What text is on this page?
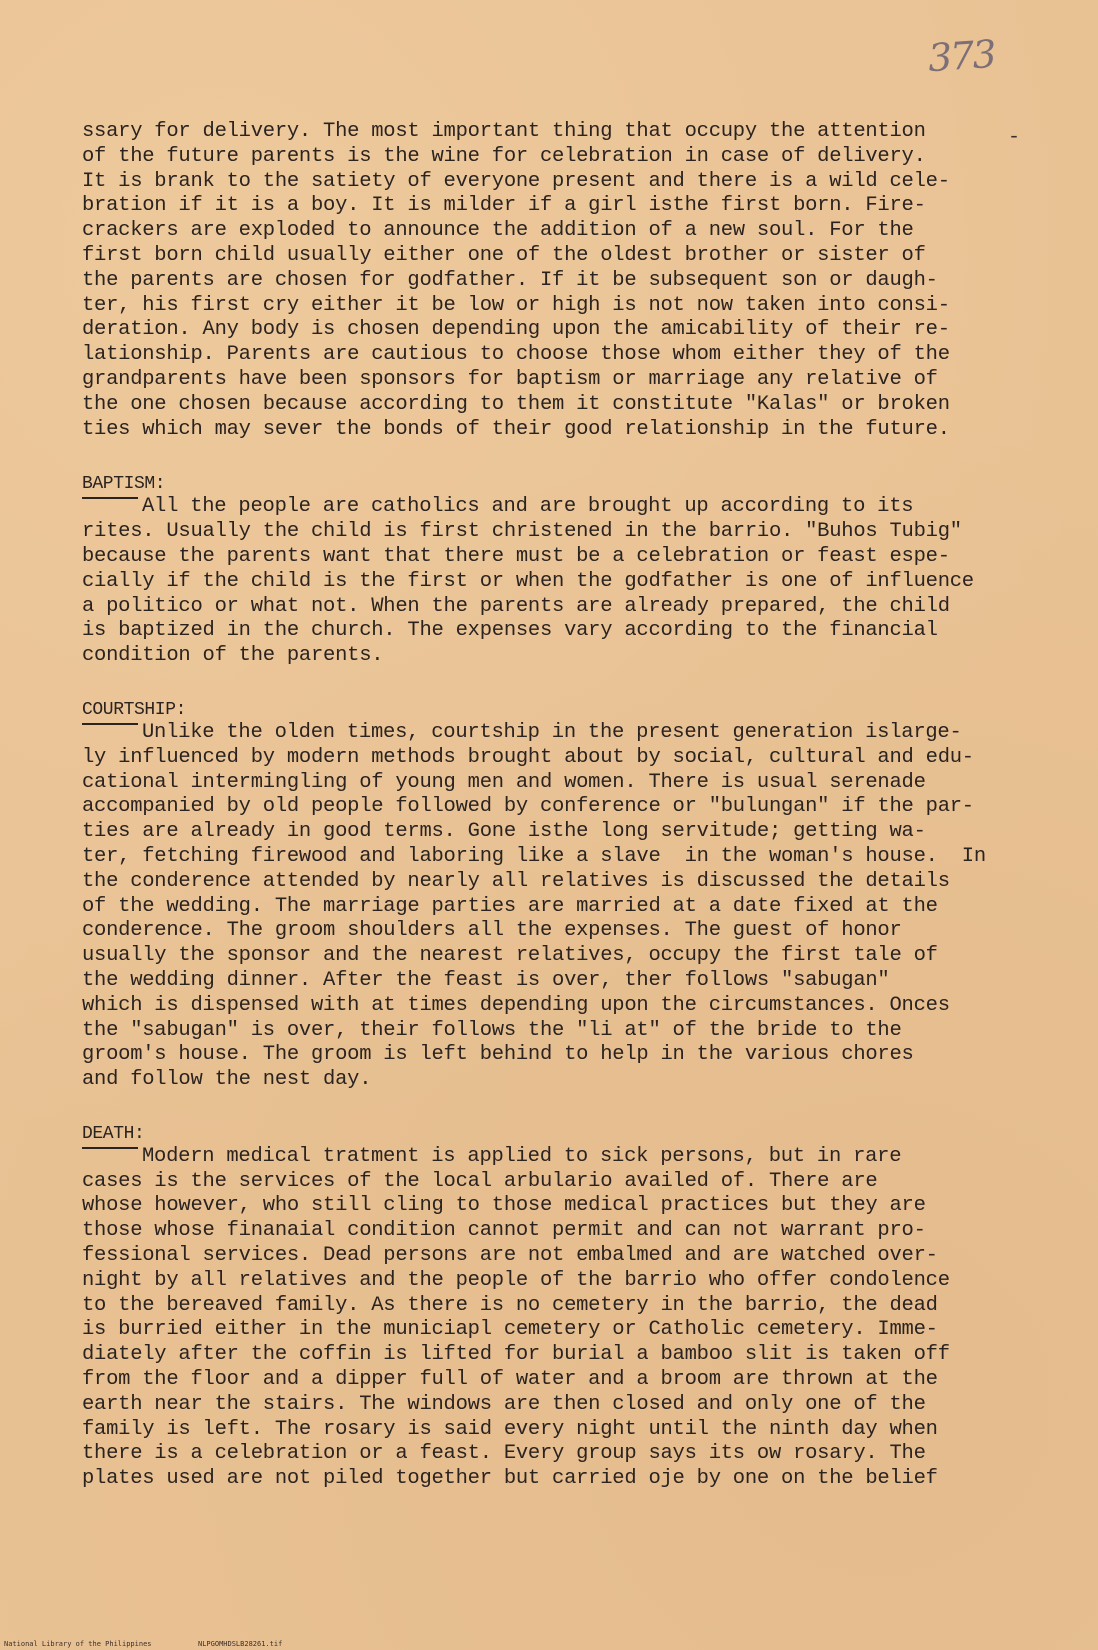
373
-
ssary for delivery. The most important thing that occupy the attention
of the future parents is the wine for celebration in case of delivery.
It is brank to the satiety of everyone present and there is a wild cele-
bration if it is a boy. It is milder if a girl isthe first born. Fire-
crackers are exploded to announce the addition of a new soul. For the
first born child usually either one of the oldest brother or sister of
the parents are chosen for godfather. If it be subsequent son or daugh-
ter, his first cry either it be low or high is not now taken into consi-
deration. Any body is chosen depending upon the amicability of their re-
lationship. Parents are cautious to choose those whom either they of the
grandparents have been sponsors for baptism or marriage any relative of
the one chosen because according to them it constitute "Kalas" or broken
ties which may sever the bonds of their good relationship in the future.
BAPTISM:
All the people are catholics and are brought up according to its
rites. Usually the child is first christened in the barrio. "Buhos Tubig"
because the parents want that there must be a celebration or feast espe-
cially if the child is the first or when the godfather is one of influence
a politico or what not. When the parents are already prepared, the child
is baptized in the church. The expenses vary according to the financial
condition of the parents.
COURTSHIP:
Unlike the olden times, courtship in the present generation islarge-
ly influenced by modern methods brought about by social, cultural and edu-
cational intermingling of young men and women. There is usual serenade
accompanied by old people followed by conference or "bulungan" if the par-
ties are already in good terms. Gone isthe long servitude; getting wa-
ter, fetching firewood and laboring like a slave  in the woman's house.  In
the conderence attended by nearly all relatives is discussed the details
of the wedding. The marriage parties are married at a date fixed at the
conderence. The groom shoulders all the expenses. The guest of honor
usually the sponsor and the nearest relatives, occupy the first tale of
the wedding dinner. After the feast is over, ther follows "sabugan"
which is dispensed with at times depending upon the circumstances. Onces
the "sabugan" is over, their follows the "li at" of the bride to the
groom's house. The groom is left behind to help in the various chores
and follow the nest day.
DEATH:
Modern medical tratment is applied to sick persons, but in rare
cases is the services of the local arbulario availed of. There are
whose however, who still cling to those medical practices but they are
those whose finanaial condition cannot permit and can not warrant pro-
fessional services. Dead persons are not embalmed and are watched over-
night by all relatives and the people of the barrio who offer condolence
to the bereaved family. As there is no cemetery in the barrio, the dead
is burried either in the municiapl cemetery or Catholic cemetery. Imme-
diately after the coffin is lifted for burial a bamboo slit is taken off
from the floor and a dipper full of water and a broom are thrown at the
earth near the stairs. The windows are then closed and only one of the
family is left. The rosary is said every night until the ninth day when
there is a celebration or a feast. Every group says its ow rosary. The
plates used are not piled together but carried oje by one on the belief
National Library of the Philippines	NLPGOMHDSLB28261.tif
